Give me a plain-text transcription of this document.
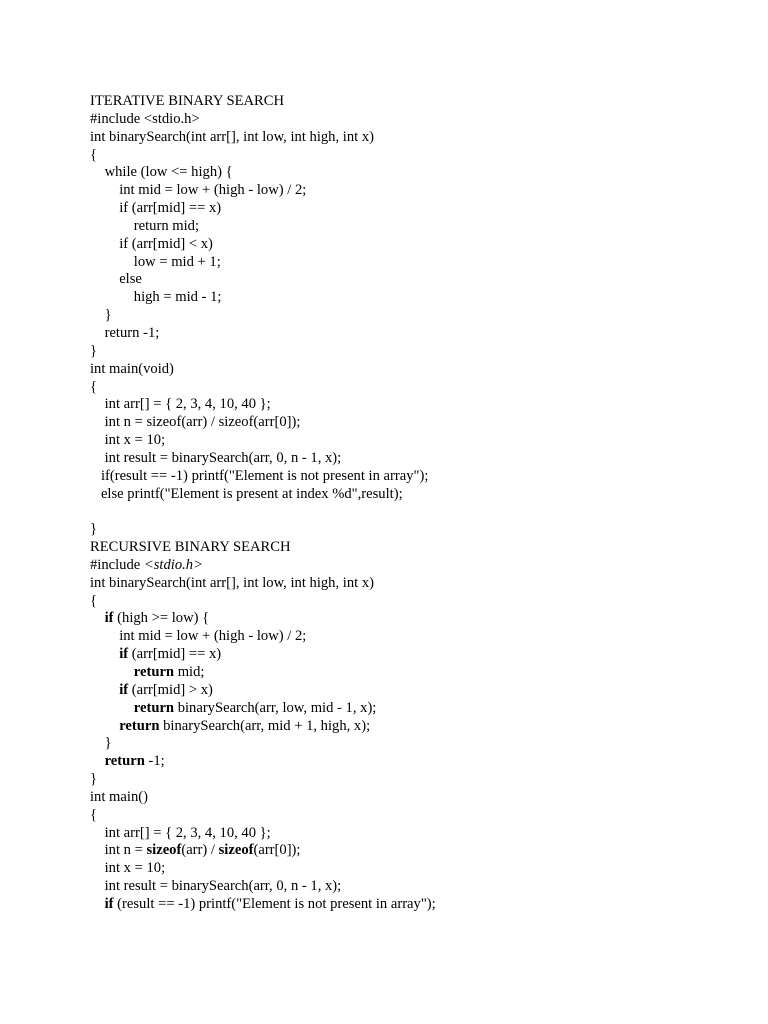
ITERATIVE BINARY SEARCH
#include <stdio.h>
int binarySearch(int arr[], int low, int high, int x)
{
while (low <= high) {
int mid = low + (high - low) / 2;
if (arr[mid] == x)
return mid;
if (arr[mid] < x)
low = mid + 1;
else
high = mid - 1;
}
return -1;
}
int main(void)
{
int arr[] = { 2, 3, 4, 10, 40 };
int n = sizeof(arr) / sizeof(arr[0]);
int x = 10;
int result = binarySearch(arr, 0, n - 1, x);
if(result == -1) printf("Element is not present in array");
else printf("Element is present at index %d",result);
}
RECURSIVE BINARY SEARCH
#include <stdio.h>
int binarySearch(int arr[], int low, int high, int x)
{
if (high >= low) {
int mid = low + (high - low) / 2;
if (arr[mid] == x)
return mid;
if (arr[mid] > x)
return binarySearch(arr, low, mid - 1, x);
return binarySearch(arr, mid + 1, high, x);
}
return -1;
}
int main()
{
int arr[] = { 2, 3, 4, 10, 40 };
int n = sizeof(arr) / sizeof(arr[0]);
int x = 10;
int result = binarySearch(arr, 0, n - 1, x);
if (result == -1) printf("Element is not present in array");
